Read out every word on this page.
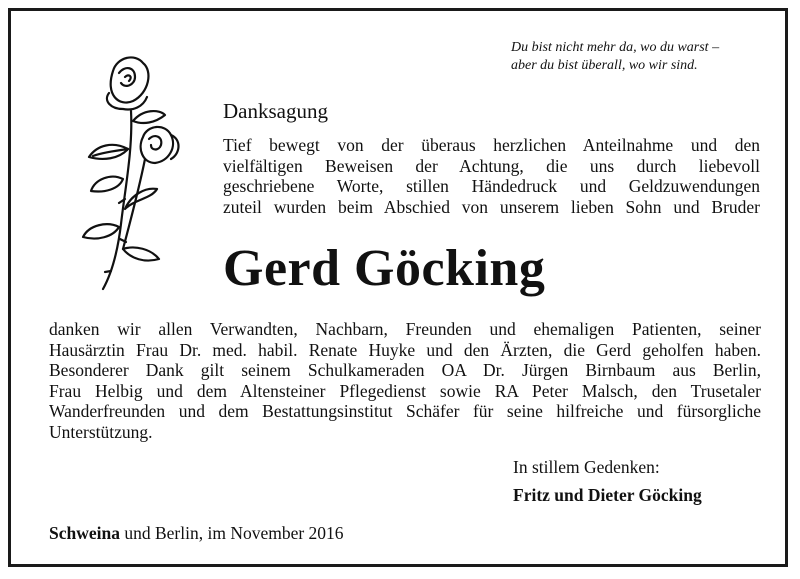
Du bist nicht mehr da, wo du warst –
aber du bist überall, wo wir sind.
Danksagung
Tief bewegt von der überaus herzlichen Anteilnahme und den
vielfältigen Beweisen der Achtung, die uns durch liebevoll
geschriebene Worte, stillen Händedruck und Geldzuwendungen
zuteil wurden beim Abschied von unserem lieben Sohn und Bruder
Gerd Göcking
danken wir allen Verwandten, Nachbarn, Freunden und ehemaligen Patienten, seiner
Hausärztin Frau Dr. med. habil. Renate Huyke und den Ärzten, die Gerd geholfen haben.
Besonderer Dank gilt seinem Schulkameraden OA Dr. Jürgen Birnbaum aus Berlin,
Frau Helbig und dem Altensteiner Pflegedienst sowie RA Peter Malsch, den Trusetaler
Wanderfreunden und dem Bestattungsinstitut Schäfer für seine hilfreiche und fürsorgliche
Unterstützung.
In stillem Gedenken:
Fritz und Dieter Göcking
Schweina und Berlin, im November 2016
